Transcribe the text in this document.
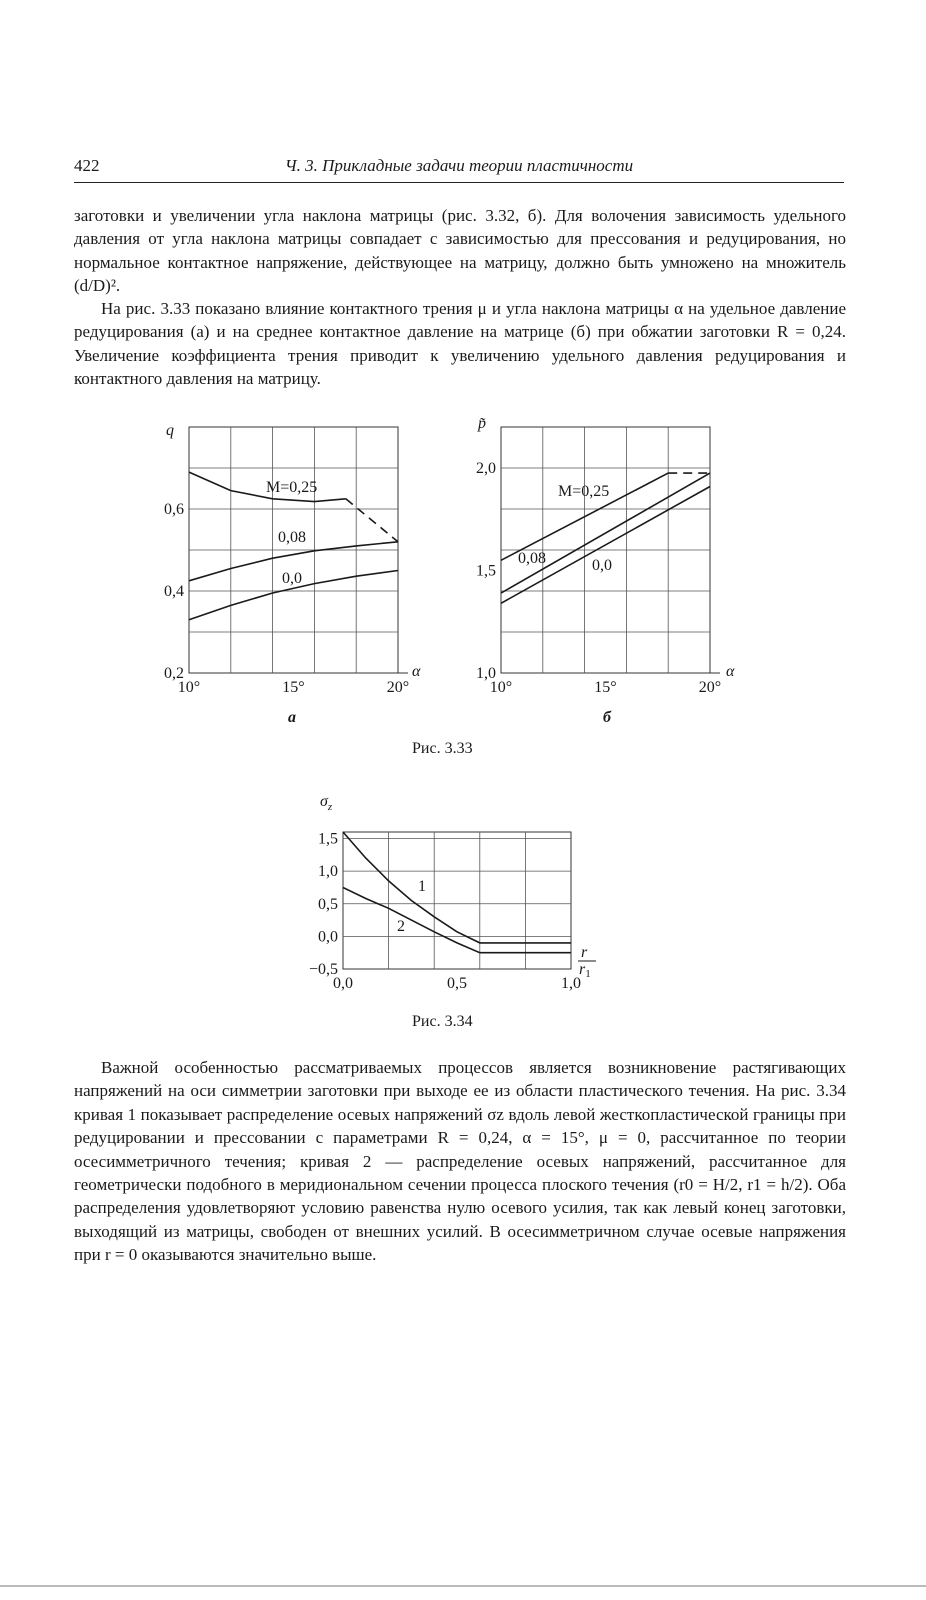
422	Ч. 3. Прикладные задачи теории пластичности

заготовки и увеличении угла наклона матрицы (рис. 3.32, б). Для волочения зависимость удельного давления от угла наклона матрицы совпадает с зависимостью для прессования и редуцирования, но нормальное контактное напряжение, действующее на матрицу, должно быть умножено на множитель (d/D)².

На рис. 3.33 показано влияние контактного трения μ и угла наклона матрицы α на удельное давление редуцирования (а) и на среднее контактное давление на матрице (б) при обжатии заготовки R = 0,24. Увеличение коэффициента трения приводит к увеличению удельного давления редуцирования и контактного давления на матрицу.

10°	15°	20°
0,2
0,4
0,6
M=0,25
0,08
0,0
q
α
а
10°	15°	20°
1,0
1,5
2,0
M=0,25
0,08	0,0
p̃
α
б
0,0	0,5	1,0
−0,5
0,0
0,5
1,0
1,5
1
2
$\sigma_z$
r
r1
Рис. 3.33
Рис. 3.34

Важной особенностью рассматриваемых процессов является возникновение растягивающих напряжений на оси симметрии заготовки при выходе ее из области пластического течения. На рис. 3.34 кривая 1 показывает распределение осевых напряжений σz вдоль левой жесткопластической границы при редуцировании и прессовании с параметрами R = 0,24, α = 15°, μ = 0, рассчитанное по теории осесимметричного течения; кривая 2 — распределение осевых напряжений, рассчитанное для геометрически подобного в меридиональном сечении процесса плоского течения (r0 = H/2, r1 = h/2). Оба распределения удовлетворяют условию равенства нулю осевого усилия, так как левый конец заготовки, выходящий из матрицы, свободен от внешних усилий. В осесимметричном случае осевые напряжения при r = 0 оказываются значительно выше.
